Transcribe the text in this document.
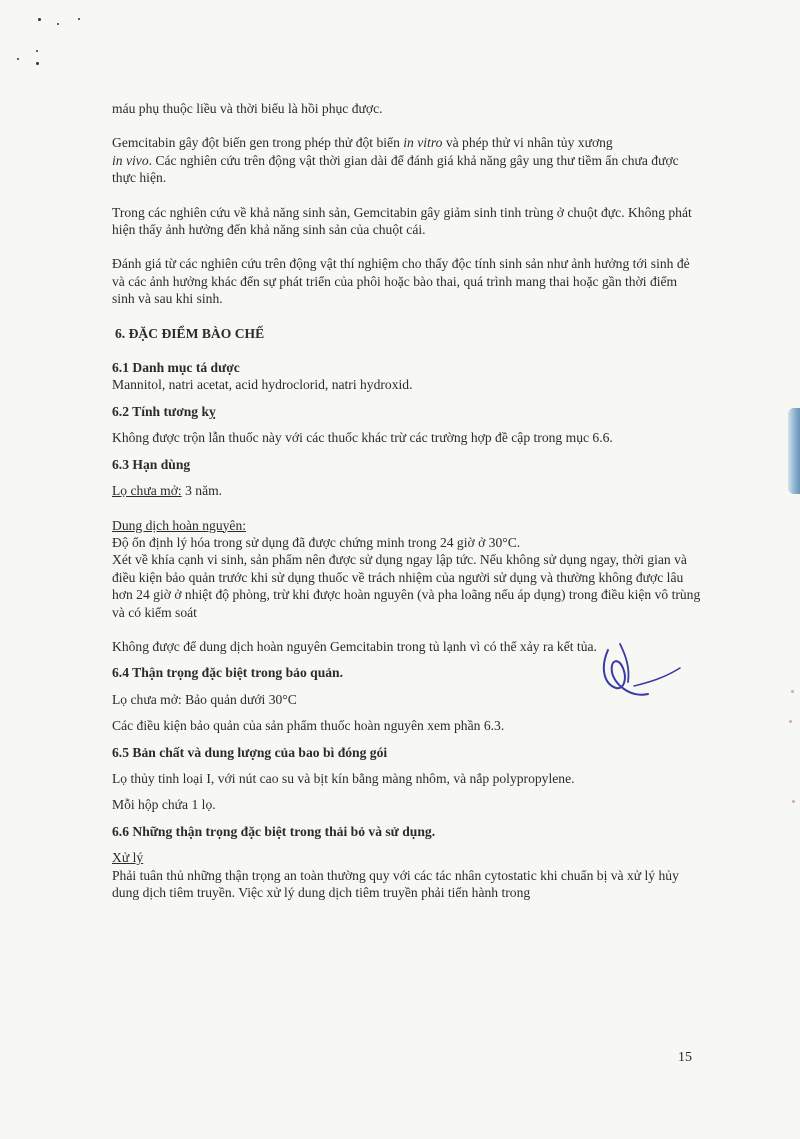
máu phụ thuộc liều và thời biểu là hồi phục được.

Gemcitabin gây đột biến gen trong phép thử đột biến in vitro và phép thử vi nhân tủy xương
in vivo. Các nghiên cứu trên động vật thời gian dài để đánh giá khả năng gây ung thư tiềm ẩn chưa được thực hiện.

Trong các nghiên cứu về khả năng sinh sản, Gemcitabin gây giảm sinh tinh trùng ở chuột đực. Không phát hiện thấy ảnh hưởng đến khả năng sinh sản của chuột cái.

Đánh giá từ các nghiên cứu trên động vật thí nghiệm cho thấy độc tính sinh sản như ảnh hưởng tới sinh đẻ và các ảnh hưởng khác đến sự phát triển của phôi hoặc bào thai, quá trình mang thai hoặc gần thời điểm sinh và sau khi sinh.

6. ĐẶC ĐIỂM BÀO CHẾ

6.1 Danh mục tá dược

Mannitol, natri acetat, acid hydroclorid, natri hydroxid.

6.2 Tính tương kỵ

Không được trộn lẫn thuốc này với các thuốc khác trừ các trường hợp đề cập trong mục 6.6.

6.3 Hạn dùng

Lọ chưa mở: 3 năm.

Dung dịch hoàn nguyên:

Độ ổn định lý hóa trong sử dụng đã được chứng minh trong 24 giờ ở 30°C.

Xét về khía cạnh vi sinh, sản phẩm nên được sử dụng ngay lập tức. Nếu không sử dụng ngay, thời gian và điều kiện bảo quản trước khi sử dụng thuốc về trách nhiệm của người sử dụng và thường không được lâu hơn 24 giờ ở nhiệt độ phòng, trừ khi được hoàn nguyên (và pha loãng nếu áp dụng) trong điều kiện vô trùng và có kiểm soát

Không được để dung dịch hoàn nguyên Gemcitabin trong tủ lạnh vì có thể xảy ra kết tủa.

6.4 Thận trọng đặc biệt trong bảo quản.

Lọ chưa mở: Bảo quản dưới 30°C

Các điều kiện bảo quản của sản phẩm thuốc hoàn nguyên xem phần 6.3.

6.5 Bản chất và dung lượng của bao bì đóng gói

Lọ thủy tinh loại I, với nút cao su và bịt kín bằng màng nhôm, và nắp polypropylene.

Mỗi hộp chứa 1 lọ.

6.6 Những thận trọng đặc biệt trong thải bỏ và sử dụng.

Xử lý

Phải tuân thủ những thận trọng an toàn thường quy với các tác nhân cytostatic khi chuẩn bị và xử lý hủy dung dịch tiêm truyền. Việc xử lý dung dịch tiêm truyền phải tiến hành trong

15
